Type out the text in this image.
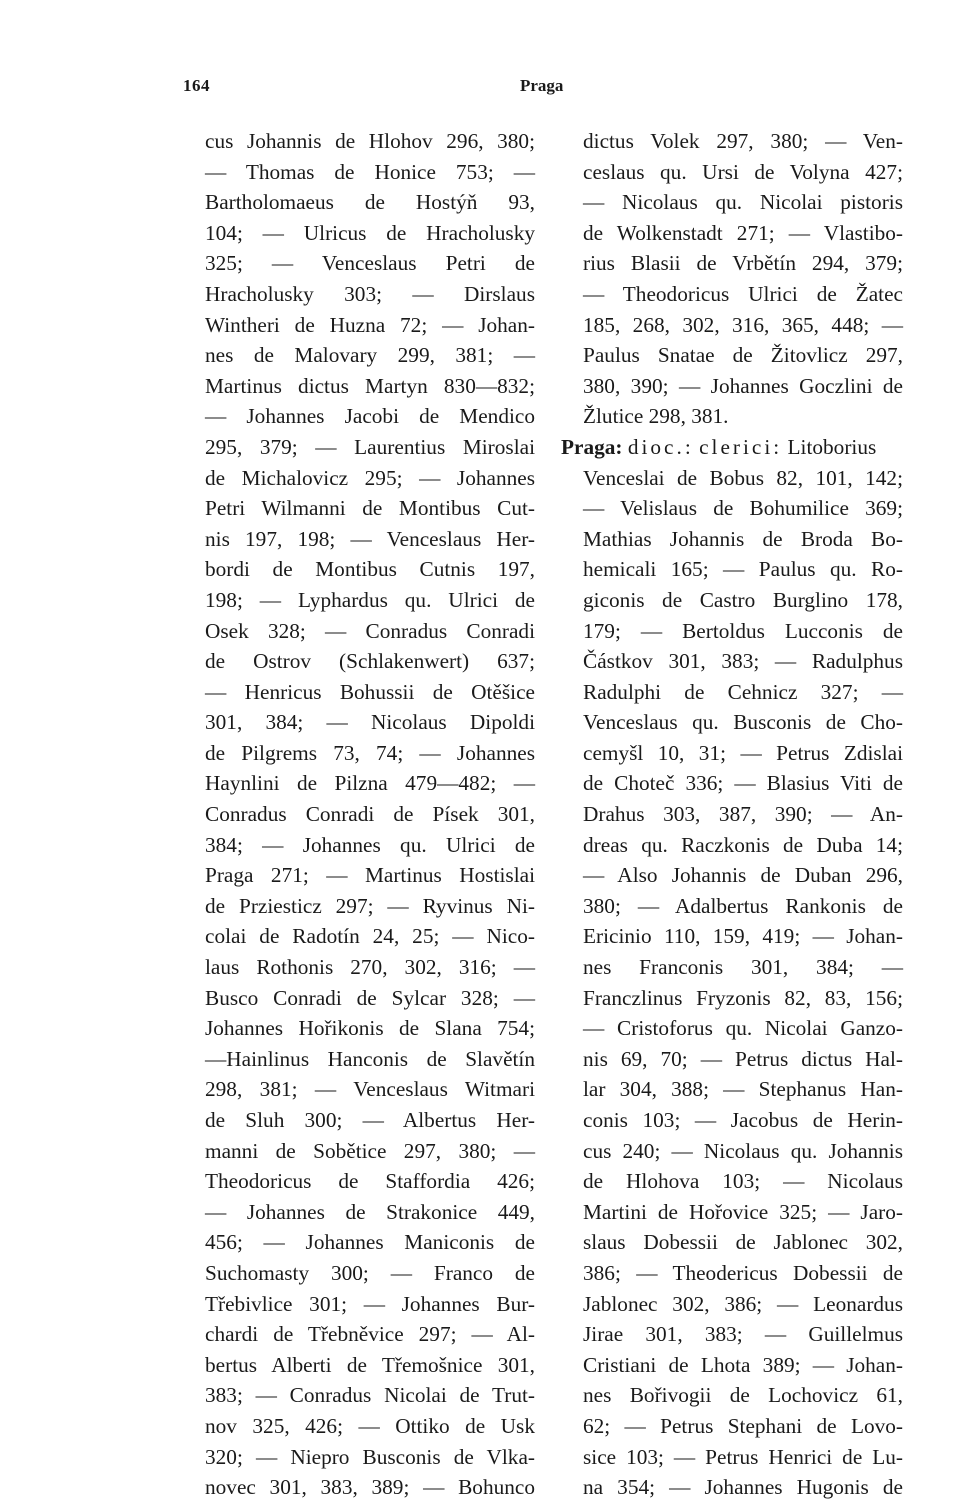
164	Praga
cus Johannis de Hlohov 296, 380;
— Thomas de Honice 753; —
Bartholomaeus de Hostýň 93,
104; — Ulricus de Hracholusky
325; — Venceslaus Petri de
Hracholusky 303; — Dirslaus
Wintheri de Huzna 72; — Johan-
nes de Malovary 299, 381; —
Martinus dictus Martyn 830—832;
— Johannes Jacobi de Mendico
295, 379; — Laurentius Miroslai
de Michalovicz 295; — Johannes
Petri Wilmanni de Montibus Cut-
nis 197, 198; — Venceslaus Her-
bordi de Montibus Cutnis 197,
198; — Lyphardus qu. Ulrici de
Osek 328; — Conradus Conradi
de Ostrov (Schlakenwert) 637;
— Henricus Bohussii de Otěšice
301, 384; — Nicolaus Dipoldi
de Pilgrems 73, 74; — Johannes
Haynlini de Pilzna 479—482; —
Conradus Conradi de Písek 301,
384; — Johannes qu. Ulrici de
Praga 271; — Martinus Hostislai
de Prziesticz 297; — Ryvinus Ni-
colai de Radotín 24, 25; — Nico-
laus Rothonis 270, 302, 316; —
Busco Conradi de Sylcar 328; —
Johannes Hořikonis de Slana 754;
—Hainlinus Hanconis de Slavětín
298, 381; — Venceslaus Witmari
de Sluh 300; — Albertus Her-
manni de Sobětice 297, 380; —
Theodoricus de Staffordia 426;
— Johannes de Strakonice 449,
456; — Johannes Maniconis de
Suchomasty 300; — Franco de
Třebivlice 301; — Johannes Bur-
chardi de Třebněvice 297; — Al-
bertus Alberti de Třemošnice 301,
383; — Conradus Nicolai de Trut-
nov 325, 426; — Ottiko de Usk
320; — Niepro Busconis de Vlka-
novec 301, 383, 389; — Bohunco
dictus Volek 297, 380; — Ven-
ceslaus qu. Ursi de Volyna 427;
— Nicolaus qu. Nicolai pistoris
de Wolkenstadt 271; — Vlastibo-
rius Blasii de Vrbětín 294, 379;
— Theodoricus Ulrici de Žatec
185, 268, 302, 316, 365, 448; —
Paulus Snatae de Žitovlicz 297,
380, 390; — Johannes Goczlini de
Žlutice 298, 381.
Praga: dioc.: clerici: Litoborius
Venceslai de Bobus 82, 101, 142;
— Velislaus de Bohumilice 369;
Mathias Johannis de Broda Bo-
hemicali 165; — Paulus qu. Ro-
giconis de Castro Burglino 178,
179; — Bertoldus Lucconis de
Částkov 301, 383; — Radulphus
Radulphi de Cehnicz 327; —
Venceslaus qu. Busconis de Cho-
cemyšl 10, 31; — Petrus Zdislai
de Choteč 336; — Blasius Viti de
Drahus 303, 387, 390; — An-
dreas qu. Raczkonis de Duba 14;
— Also Johannis de Duban 296,
380; — Adalbertus Rankonis de
Ericinio 110, 159, 419; — Johan-
nes Franconis 301, 384; —
Franczlinus Fryzonis 82, 83, 156;
— Cristoforus qu. Nicolai Ganzo-
nis 69, 70; — Petrus dictus Hal-
lar 304, 388; — Stephanus Han-
conis 103; — Jacobus de Herin-
cus 240; — Nicolaus qu. Johannis
de Hlohova 103; — Nicolaus
Martini de Hořovice 325; — Jaro-
slaus Dobessii de Jablonec 302,
386; — Theodericus Dobessii de
Jablonec 302, 386; — Leonardus
Jirae 301, 383; — Guillelmus
Cristiani de Lhota 389; — Johan-
nes Bořivogii de Lochovicz 61,
62; — Petrus Stephani de Lovo-
sice 103; — Petrus Henrici de Lu-
na 354; — Johannes Hugonis de
